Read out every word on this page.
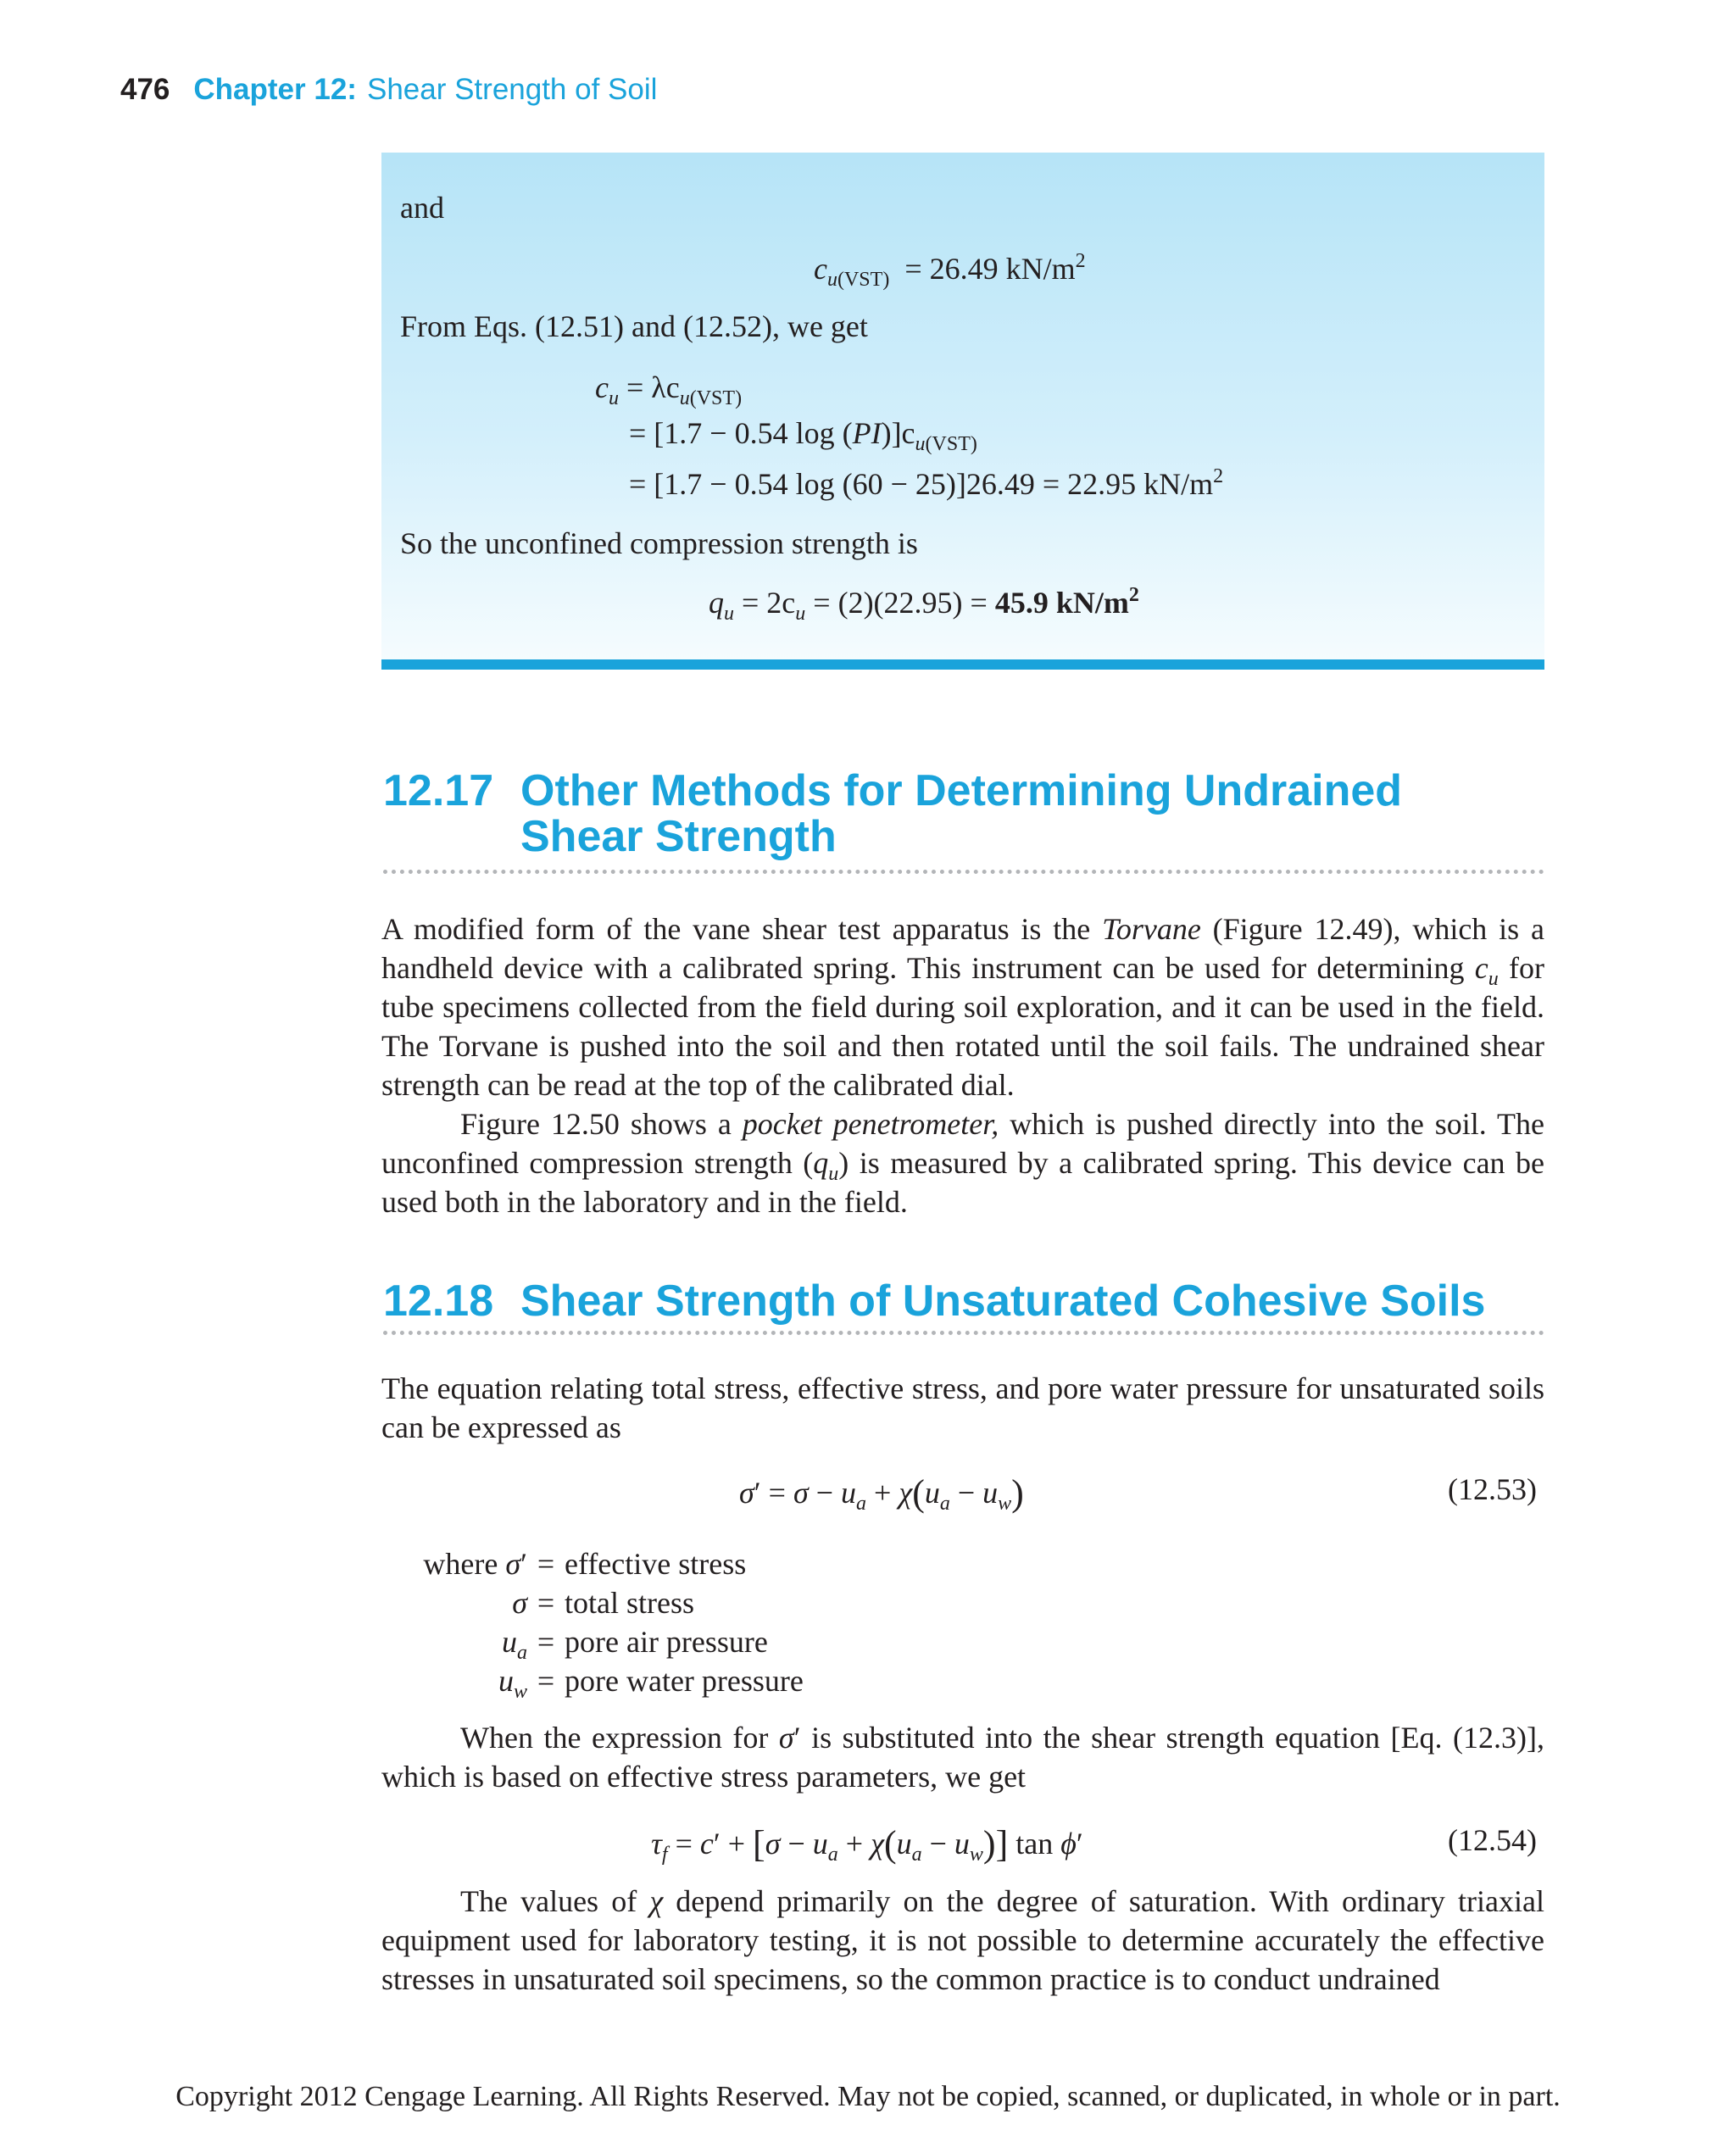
476 Chapter 12: Shear Strength of Soil
and
$c_{u(VST)} = 26.49$ $kN/m^2$
From Eqs. (12.51) and (12.52), we get
$c_u = \lambda c_{u(VST)}$
= [1.7 − 0.54 $\log (PI)]c_{u(VST)}$
= [1.7 − 0.54 log (60 − 25)]26.49 = 22.95 $kN/m^2$
So the unconfined compression strength is
$q_u = 2c_u = (2)(22.95) = 45.9$ $kN/m^2$
12.17 Other Methods for Determining Undrained
Shear Strength

A modified form of the vane shear test apparatus is the Torvane (Figure 12.49), which is a handheld device with a calibrated spring. This instrument can be used for determining $c_u$ for tube specimens collected from the field during soil exploration, and it can be used in the field. The Torvane is pushed into the soil and then rotated until the soil fails. The undrained shear strength can be read at the top of the calibrated dial.

Figure 12.50 shows a pocket penetrometer, which is pushed directly into the soil. The unconfined compression strength $(q_u)$ is measured by a calibrated spring. This device can be used both in the laboratory and in the field.

12.18 Shear Strength of Unsaturated Cohesive Soils

The equation relating total stress, effective stress, and pore water pressure for unsaturated soils can be expressed as

$\sigma' = \sigma - u_a + \chi(u_a - u_w)$	(12.53)
where σ′ = effective stress
σ = total stress
$u_a$ = pore air pressure
$u_w$ = pore water pressure

When the expression for σ′ is substituted into the shear strength equation [Eq. (12.3)], which is based on effective stress parameters, we get

$\tau_f = c' + [\sigma - u_a + \chi(u_a - u_w)]$ tan ϕ′	(12.54)

The values of χ depend primarily on the degree of saturation. With ordinary triaxial equipment used for laboratory testing, it is not possible to determine accurately the effective stresses in unsaturated soil specimens, so the common practice is to conduct undrained

Copyright 2012 Cengage Learning. All Rights Reserved. May not be copied, scanned, or duplicated, in whole or in part.
